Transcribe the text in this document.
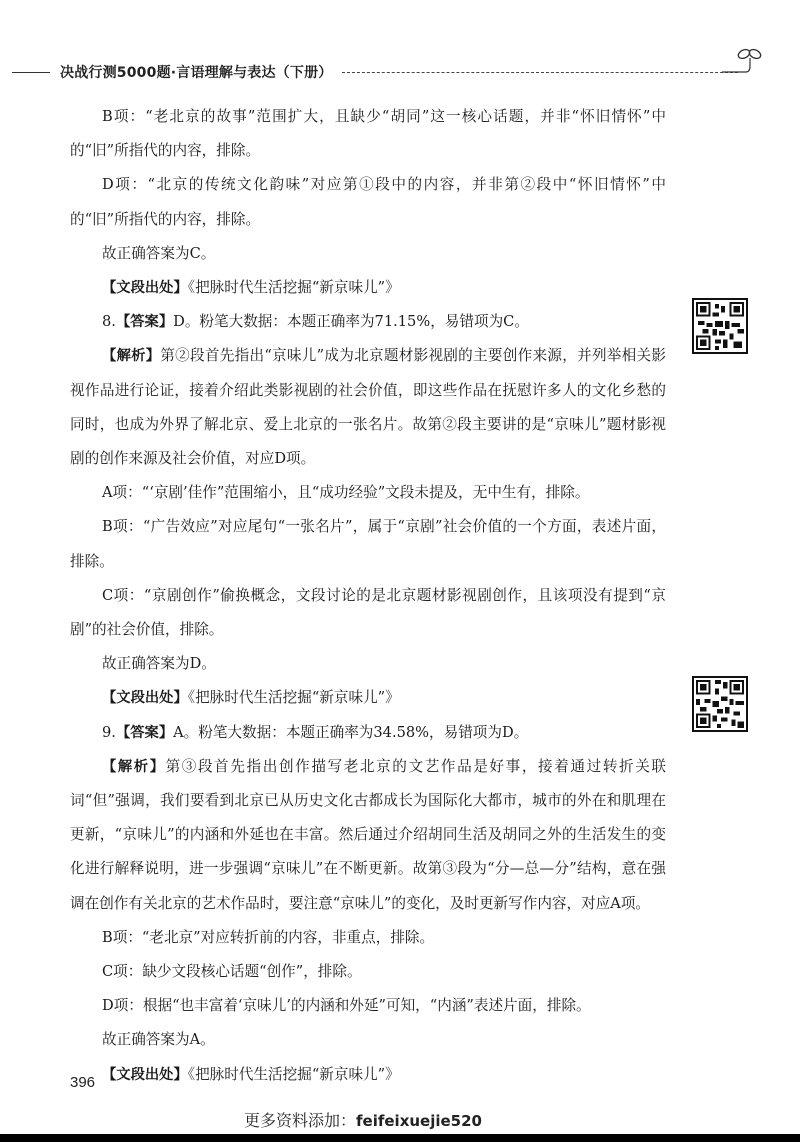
决战行测5000题·言语理解与表达（下册）

B项：“老北京的故事”范围扩大，且缺少“胡同”这一核心话题，并非“怀旧情怀”中的“旧”所指代的内容，排除。

D项：“北京的传统文化韵味”对应第①段中的内容，并非第②段中“怀旧情怀”中的“旧”所指代的内容，排除。

故正确答案为C。

【文段出处】《把脉时代生活挖掘“新京味儿”》

8.【答案】D。粉笔大数据：本题正确率为71.15%，易错项为C。

【解析】第②段首先指出“京味儿”成为北京题材影视剧的主要创作来源，并列举相关影视作品进行论证，接着介绍此类影视剧的社会价值，即这些作品在抚慰许多人的文化乡愁的同时，也成为外界了解北京、爱上北京的一张名片。故第②段主要讲的是“京味儿”题材影视剧的创作来源及社会价值，对应D项。

A项：“‘京剧’佳作”范围缩小，且“成功经验”文段未提及，无中生有，排除。

B项：“广告效应”对应尾句“一张名片”，属于“京剧”社会价值的一个方面，表述片面，排除。

C项：“京剧创作”偷换概念，文段讨论的是北京题材影视剧创作，且该项没有提到“京剧”的社会价值，排除。

故正确答案为D。

【文段出处】《把脉时代生活挖掘“新京味儿”》

9.【答案】A。粉笔大数据：本题正确率为34.58%，易错项为D。

【解析】第③段首先指出创作描写老北京的文艺作品是好事，接着通过转折关联词“但”强调，我们要看到北京已从历史文化古都成长为国际化大都市，城市的外在和肌理在更新，“京味儿”的内涵和外延也在丰富。然后通过介绍胡同生活及胡同之外的生活发生的变化进行解释说明，进一步强调“京味儿”在不断更新。故第③段为“分—总—分”结构，意在强调在创作有关北京的艺术作品时，要注意“京味儿”的变化，及时更新写作内容，对应A项。

B项：“老北京”对应转折前的内容，非重点，排除。

C项：缺少文段核心话题“创作”，排除。

D项：根据“也丰富着‘京味儿’的内涵和外延”可知，“内涵”表述片面，排除。

故正确答案为A。

【文段出处】《把脉时代生活挖掘“新京味儿”》

396
更多资料添加：feifeixuejie520
